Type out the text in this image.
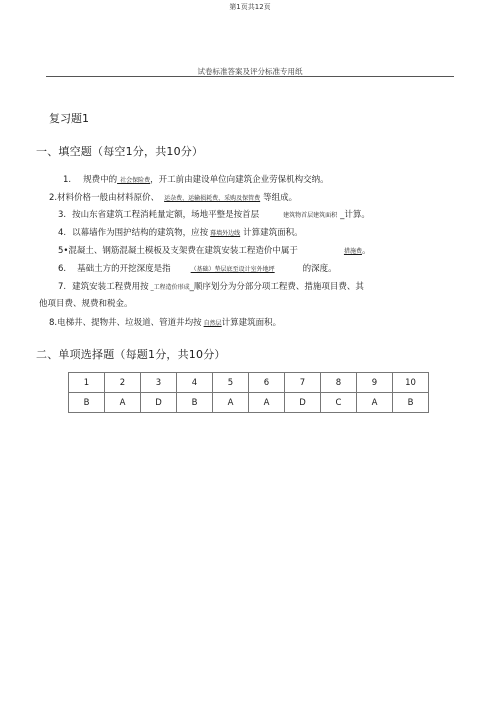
第1页共12页
试卷标准答案及评分标准专用纸
复习题1
一、填空题（每空1分，共10分）
1. 规费中的_社会保险费，开工前由建设单位向建筑企业劳保机构交纳。
2.材料价格一般由材料原价、 运杂费、运输损耗费、采购及保管费 等组成。
3. 按山东省建筑工程消耗量定额，场地平整是按首层	建筑物首层建筑面积 _计算。
4. 以幕墙作为围护结构的建筑物，应按 幕墙外边线 计算建筑面积。
5•混凝土、钢筋混凝土模板及支架费在建筑安装工程造价中属于	措施费。
6. 基础土方的开挖深度是指	（基础）垫层底至设计室外地坪	的深度。
7. 建筑安装工程费用按 _工程造价形成_顺序划分为分部分项工程费、措施项目费、其
他项目费、规费和税金。
8.电梯井、提物井、垃圾道、管道井均按 自然层计算建筑面积。
二、单项选择题（每题1分，共10分）
1	2	3	4	5	6	7	8	9	10
B	A	D	B	A	A	D	C	A	B
